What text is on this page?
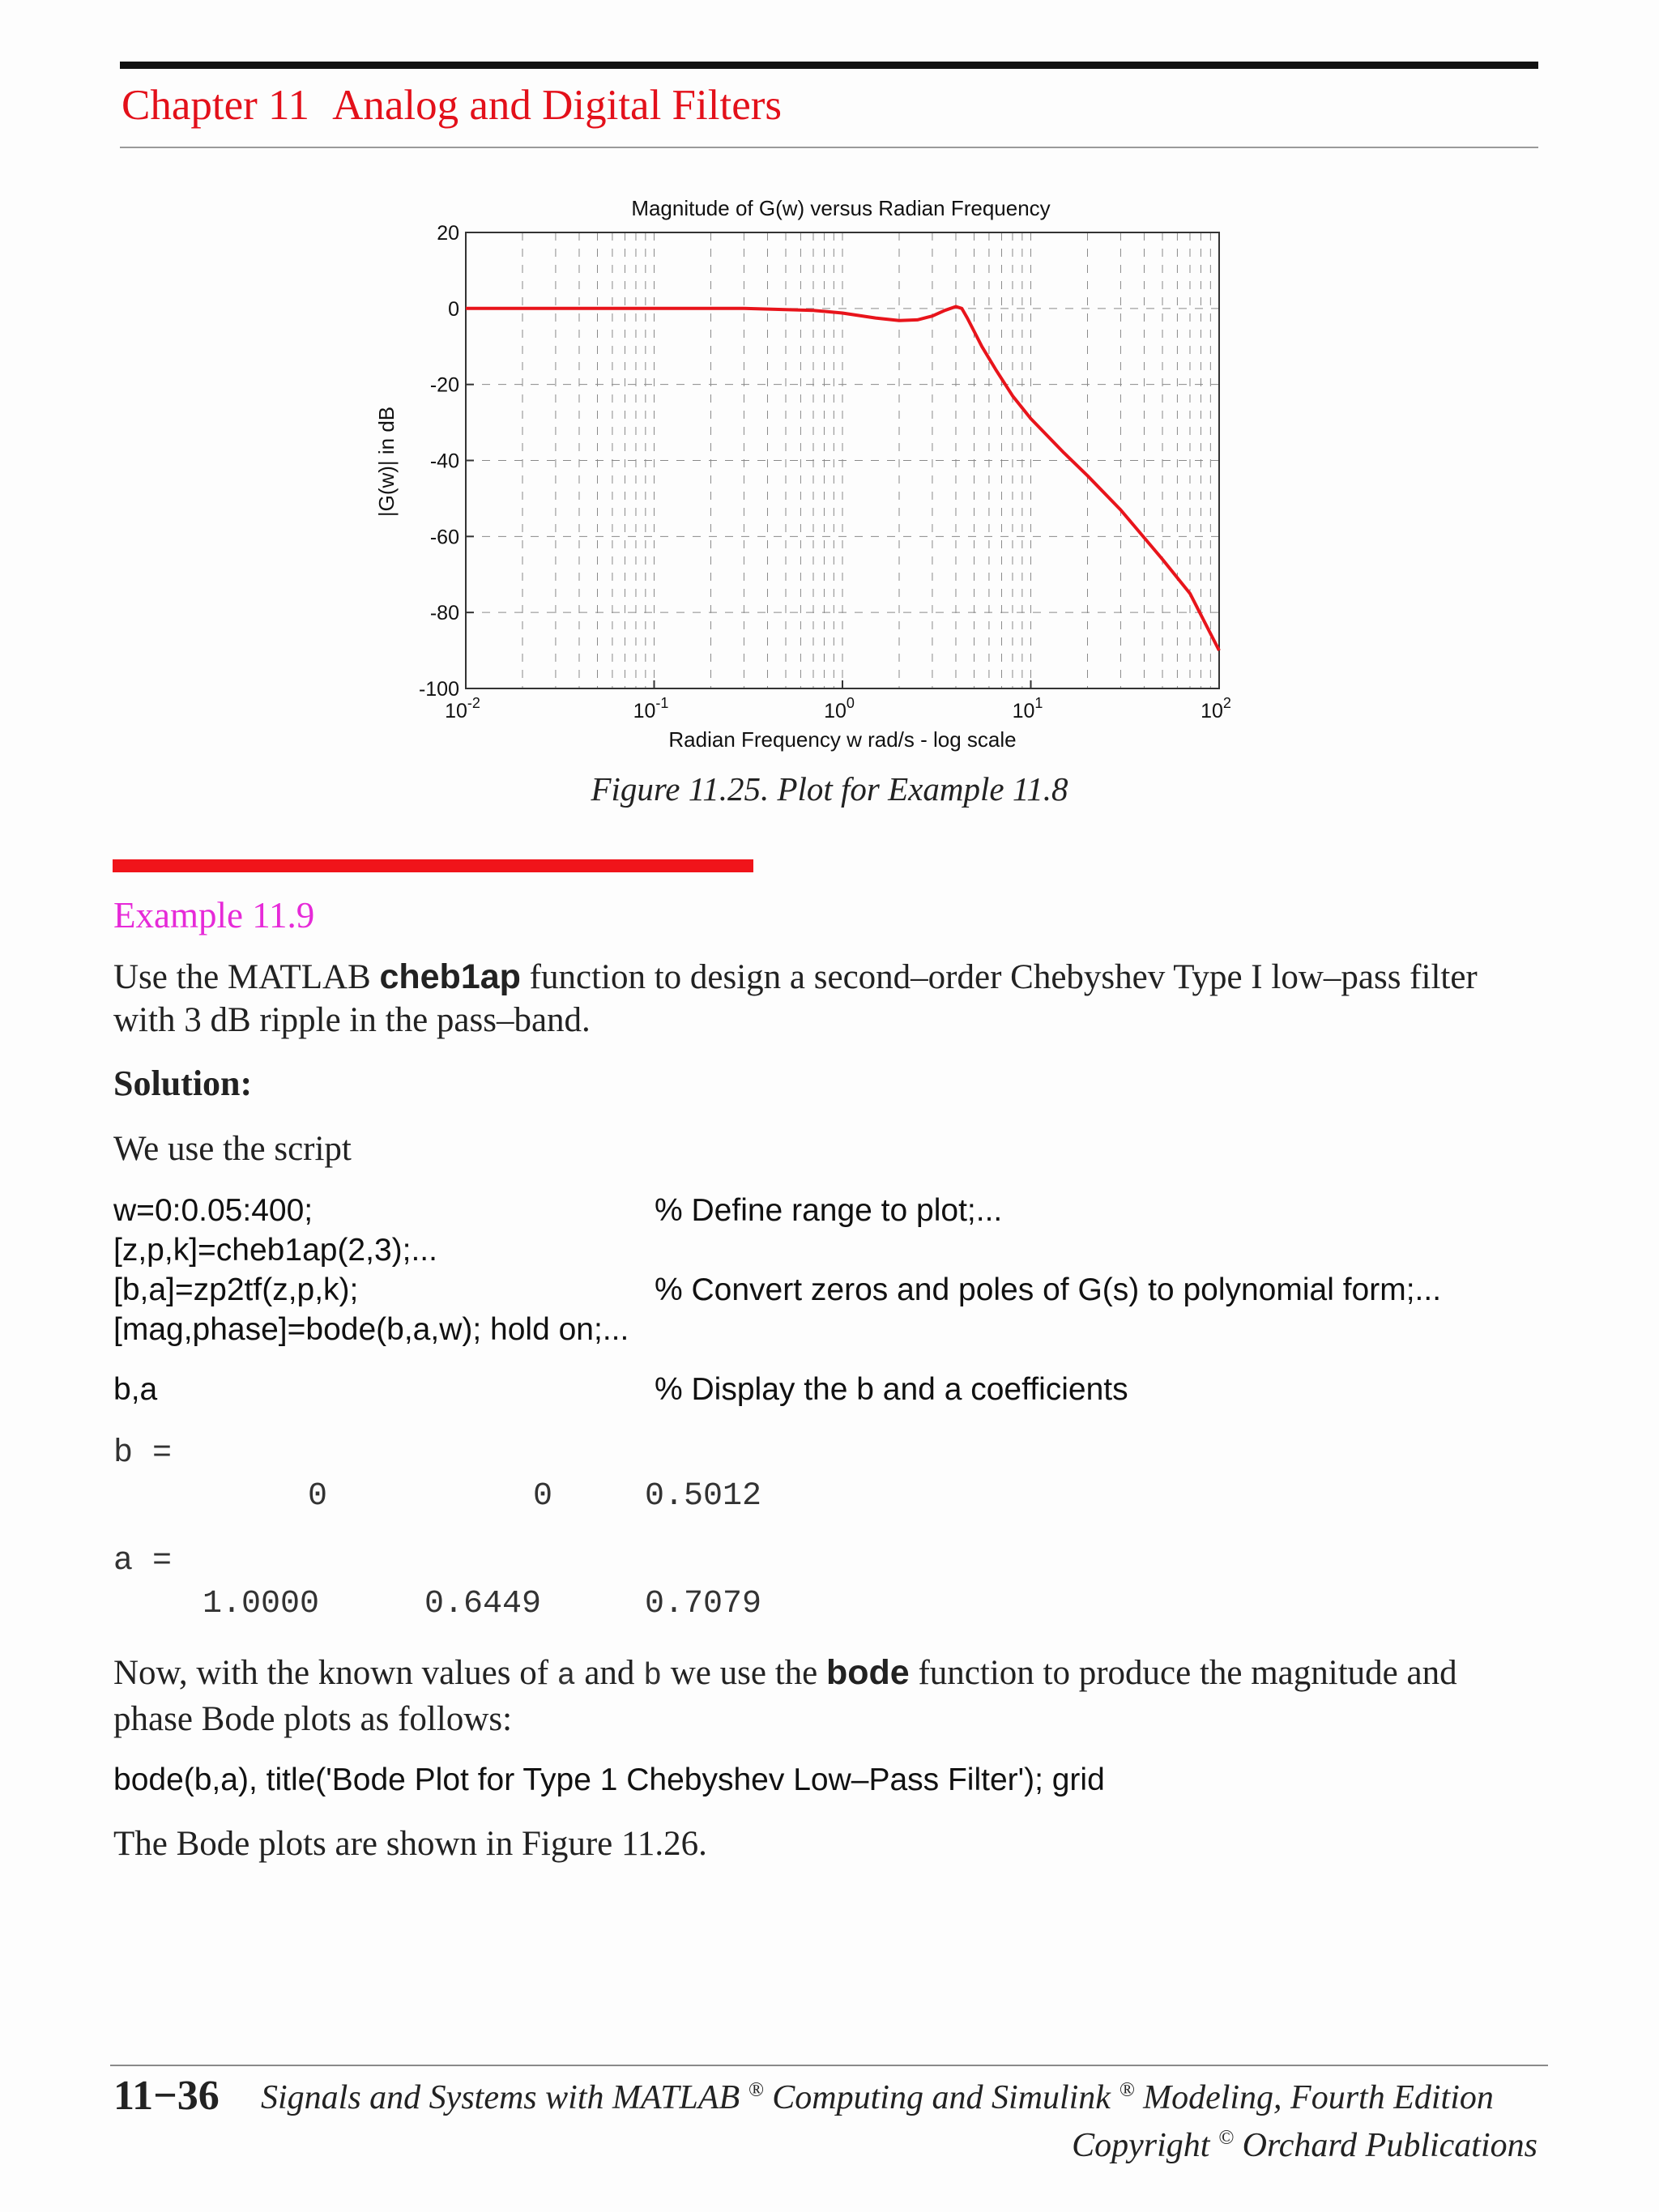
Chapter 11 Analog and Digital Filters
Magnitude of G(w) versus Radian Frequency
20
0
-20
-40
-60
-80
-100
$10^{-2}$	$10^{-1}$	$10^0$	$10^1$	$10^2$
Radian Frequency w rad/s - log scale
|G(w)| in dB
Figure 11.25. Plot for Example 11.8
Example 11.9
Use the MATLAB cheb1ap function to design a second–order Chebyshev Type I low–pass filter with 3 dB ripple in the pass–band.
Solution:
We use the script
w=0:0.05:400;	% Define range to plot;...
[z,p,k]=cheb1ap(2,3);...
[b,a]=zp2tf(z,p,k);	% Convert zeros and poles of G(s) to polynomial form;...
[mag,phase]=bode(b,a,w); hold on;...
b,a	% Display the b and a coefficients
b =
0	0	0.5012
a =
1.0000	0.6449	0.7079
Now, with the known values of a and b we use the bode function to produce the magnitude and phase Bode plots as follows:
bode(b,a), title('Bode Plot for Type 1 Chebyshev Low–Pass Filter'); grid
The Bode plots are shown in Figure 11.26.
11−36 Signals and Systems with MATLAB ® Computing and Simulink ® Modeling, Fourth Edition
Copyright © Orchard Publications
